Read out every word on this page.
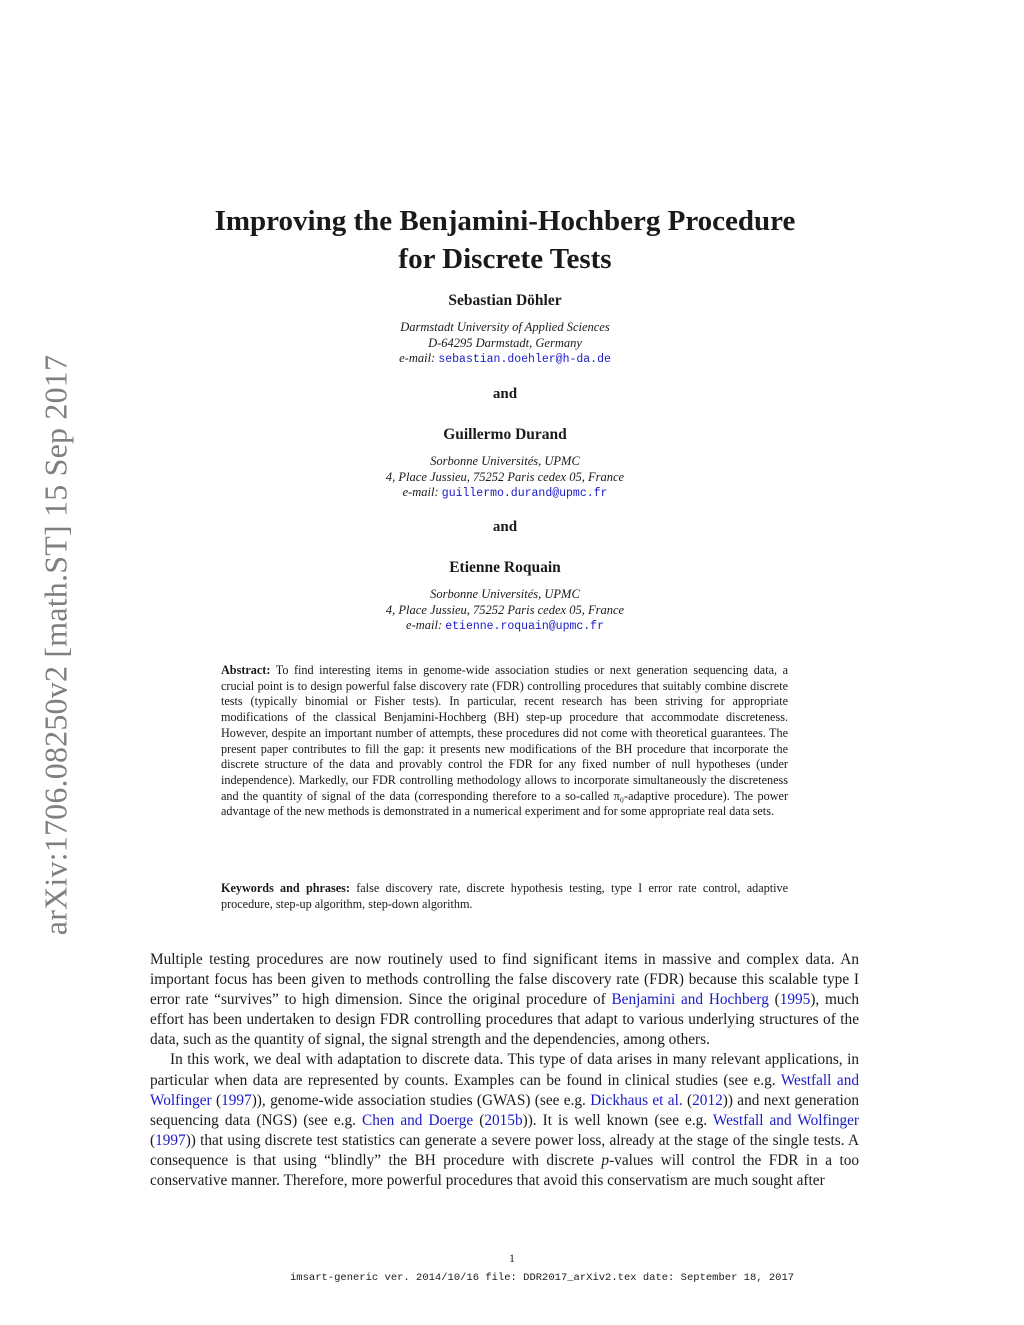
arXiv:1706.08250v2 [math.ST] 15 Sep 2017
Improving the Benjamini-Hochberg Procedure
for Discrete Tests
Sebastian Döhler
Darmstadt University of Applied Sciences
D-64295 Darmstadt, Germany
e-mail: sebastian.doehler@h-da.de
and
Guillermo Durand
Sorbonne Universités, UPMC
4, Place Jussieu, 75252 Paris cedex 05, France
e-mail: guillermo.durand@upmc.fr
and
Etienne Roquain
Sorbonne Universités, UPMC
4, Place Jussieu, 75252 Paris cedex 05, France
e-mail: etienne.roquain@upmc.fr
Abstract: To find interesting items in genome-wide association studies or next generation sequencing data, a crucial point is to design powerful false discovery rate (FDR) controlling procedures that suitably combine discrete tests (typically binomial or Fisher tests). In particular, recent research has been striving for appropriate modifications of the classical Benjamini-Hochberg (BH) step-up procedure that accommodate discreteness. However, despite an important number of attempts, these procedures did not come with theoretical guarantees. The present paper contributes to fill the gap: it presents new modifications of the BH procedure that incorporate the discrete structure of the data and provably control the FDR for any fixed number of null hypotheses (under independence). Markedly, our FDR controlling methodology allows to incorporate simultaneously the discreteness and the quantity of signal of the data (corresponding therefore to a so-called π₀-adaptive procedure). The power advantage of the new methods is demonstrated in a numerical experiment and for some appropriate real data sets.
Keywords and phrases: false discovery rate, discrete hypothesis testing, type I error rate control, adaptive procedure, step-up algorithm, step-down algorithm.

Multiple testing procedures are now routinely used to find significant items in massive and complex data. An important focus has been given to methods controlling the false discovery rate (FDR) because this scalable type I error rate “survives” to high dimension. Since the original procedure of Benjamini and Hochberg (1995), much effort has been undertaken to design FDR controlling procedures that adapt to various underlying structures of the data, such as the quantity of signal, the signal strength and the dependencies, among others.

In this work, we deal with adaptation to discrete data. This type of data arises in many relevant applications, in particular when data are represented by counts. Examples can be found in clinical studies (see e.g. Westfall and Wolfinger (1997)), genome-wide association studies (GWAS) (see e.g. Dickhaus et al. (2012)) and next generation sequencing data (NGS) (see e.g. Chen and Doerge (2015b)). It is well known (see e.g. Westfall and Wolfinger (1997)) that using discrete test statistics can generate a severe power loss, already at the stage of the single tests. A consequence is that using “blindly” the BH procedure with discrete p-values will control the FDR in a too conservative manner. Therefore, more powerful procedures that avoid this conservatism are much sought after

1
imsart-generic ver. 2014/10/16 file: DDR2017_arXiv2.tex date: September 18, 2017
